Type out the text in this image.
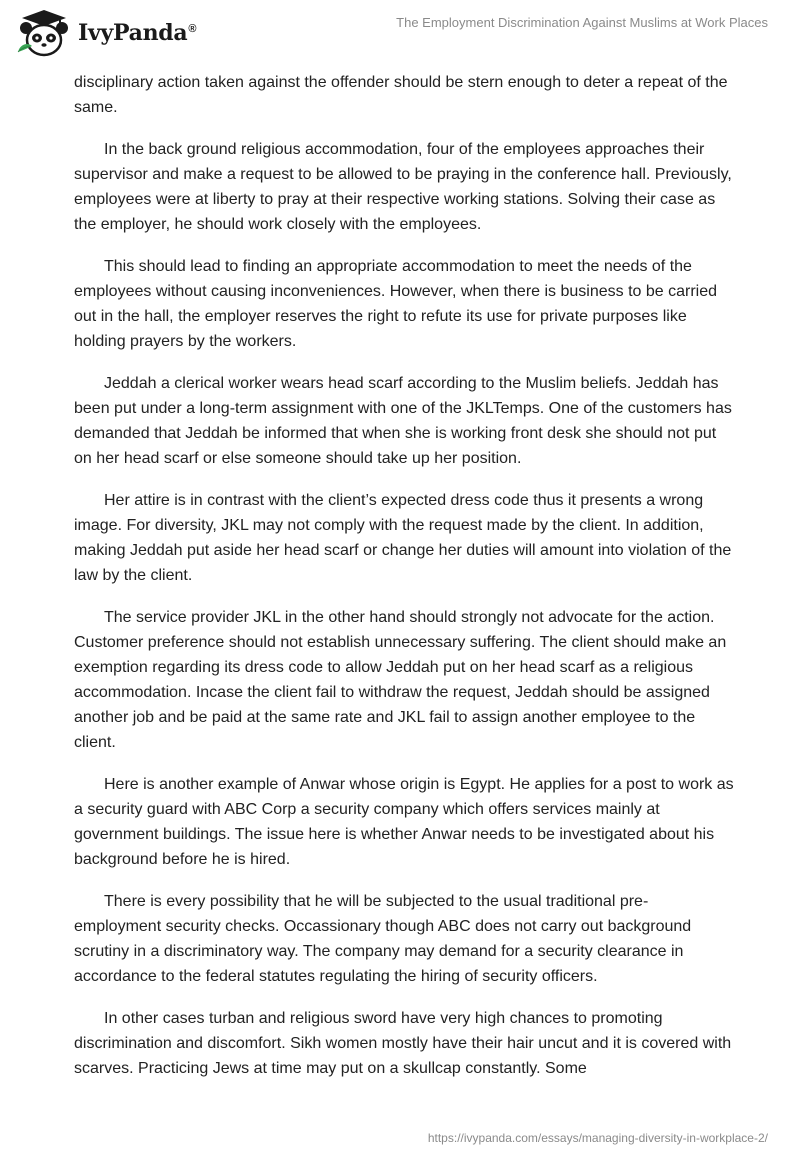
IvyPanda®	The Employment Discrimination Against Muslims at Work Places

disciplinary action taken against the offender should be stern enough to deter a repeat of the same.

In the back ground religious accommodation, four of the employees approaches their supervisor and make a request to be allowed to be praying in the conference hall. Previously, employees were at liberty to pray at their respective working stations. Solving their case as the employer, he should work closely with the employees.

This should lead to finding an appropriate accommodation to meet the needs of the employees without causing inconveniences. However, when there is business to be carried out in the hall, the employer reserves the right to refute its use for private purposes like holding prayers by the workers.

Jeddah a clerical worker wears head scarf according to the Muslim beliefs. Jeddah has been put under a long-term assignment with one of the JKLTemps. One of the customers has demanded that Jeddah be informed that when she is working front desk she should not put on her head scarf or else someone should take up her position.

Her attire is in contrast with the client’s expected dress code thus it presents a wrong image. For diversity, JKL may not comply with the request made by the client. In addition, making Jeddah put aside her head scarf or change her duties will amount into violation of the law by the client.

The service provider JKL in the other hand should strongly not advocate for the action. Customer preference should not establish unnecessary suffering. The client should make an exemption regarding its dress code to allow Jeddah put on her head scarf as a religious accommodation. Incase the client fail to withdraw the request, Jeddah should be assigned another job and be paid at the same rate and JKL fail to assign another employee to the client.

Here is another example of Anwar whose origin is Egypt. He applies for a post to work as a security guard with ABC Corp a security company which offers services mainly at government buildings. The issue here is whether Anwar needs to be investigated about his background before he is hired.

There is every possibility that he will be subjected to the usual traditional pre-employment security checks. Occassionary though ABC does not carry out background scrutiny in a discriminatory way. The company may demand for a security clearance in accordance to the federal statutes regulating the hiring of security officers.

In other cases turban and religious sword have very high chances to promoting discrimination and discomfort. Sikh women mostly have their hair uncut and it is covered with scarves. Practicing Jews at time may put on a skullcap constantly. Some

https://ivypanda.com/essays/managing-diversity-in-workplace-2/
